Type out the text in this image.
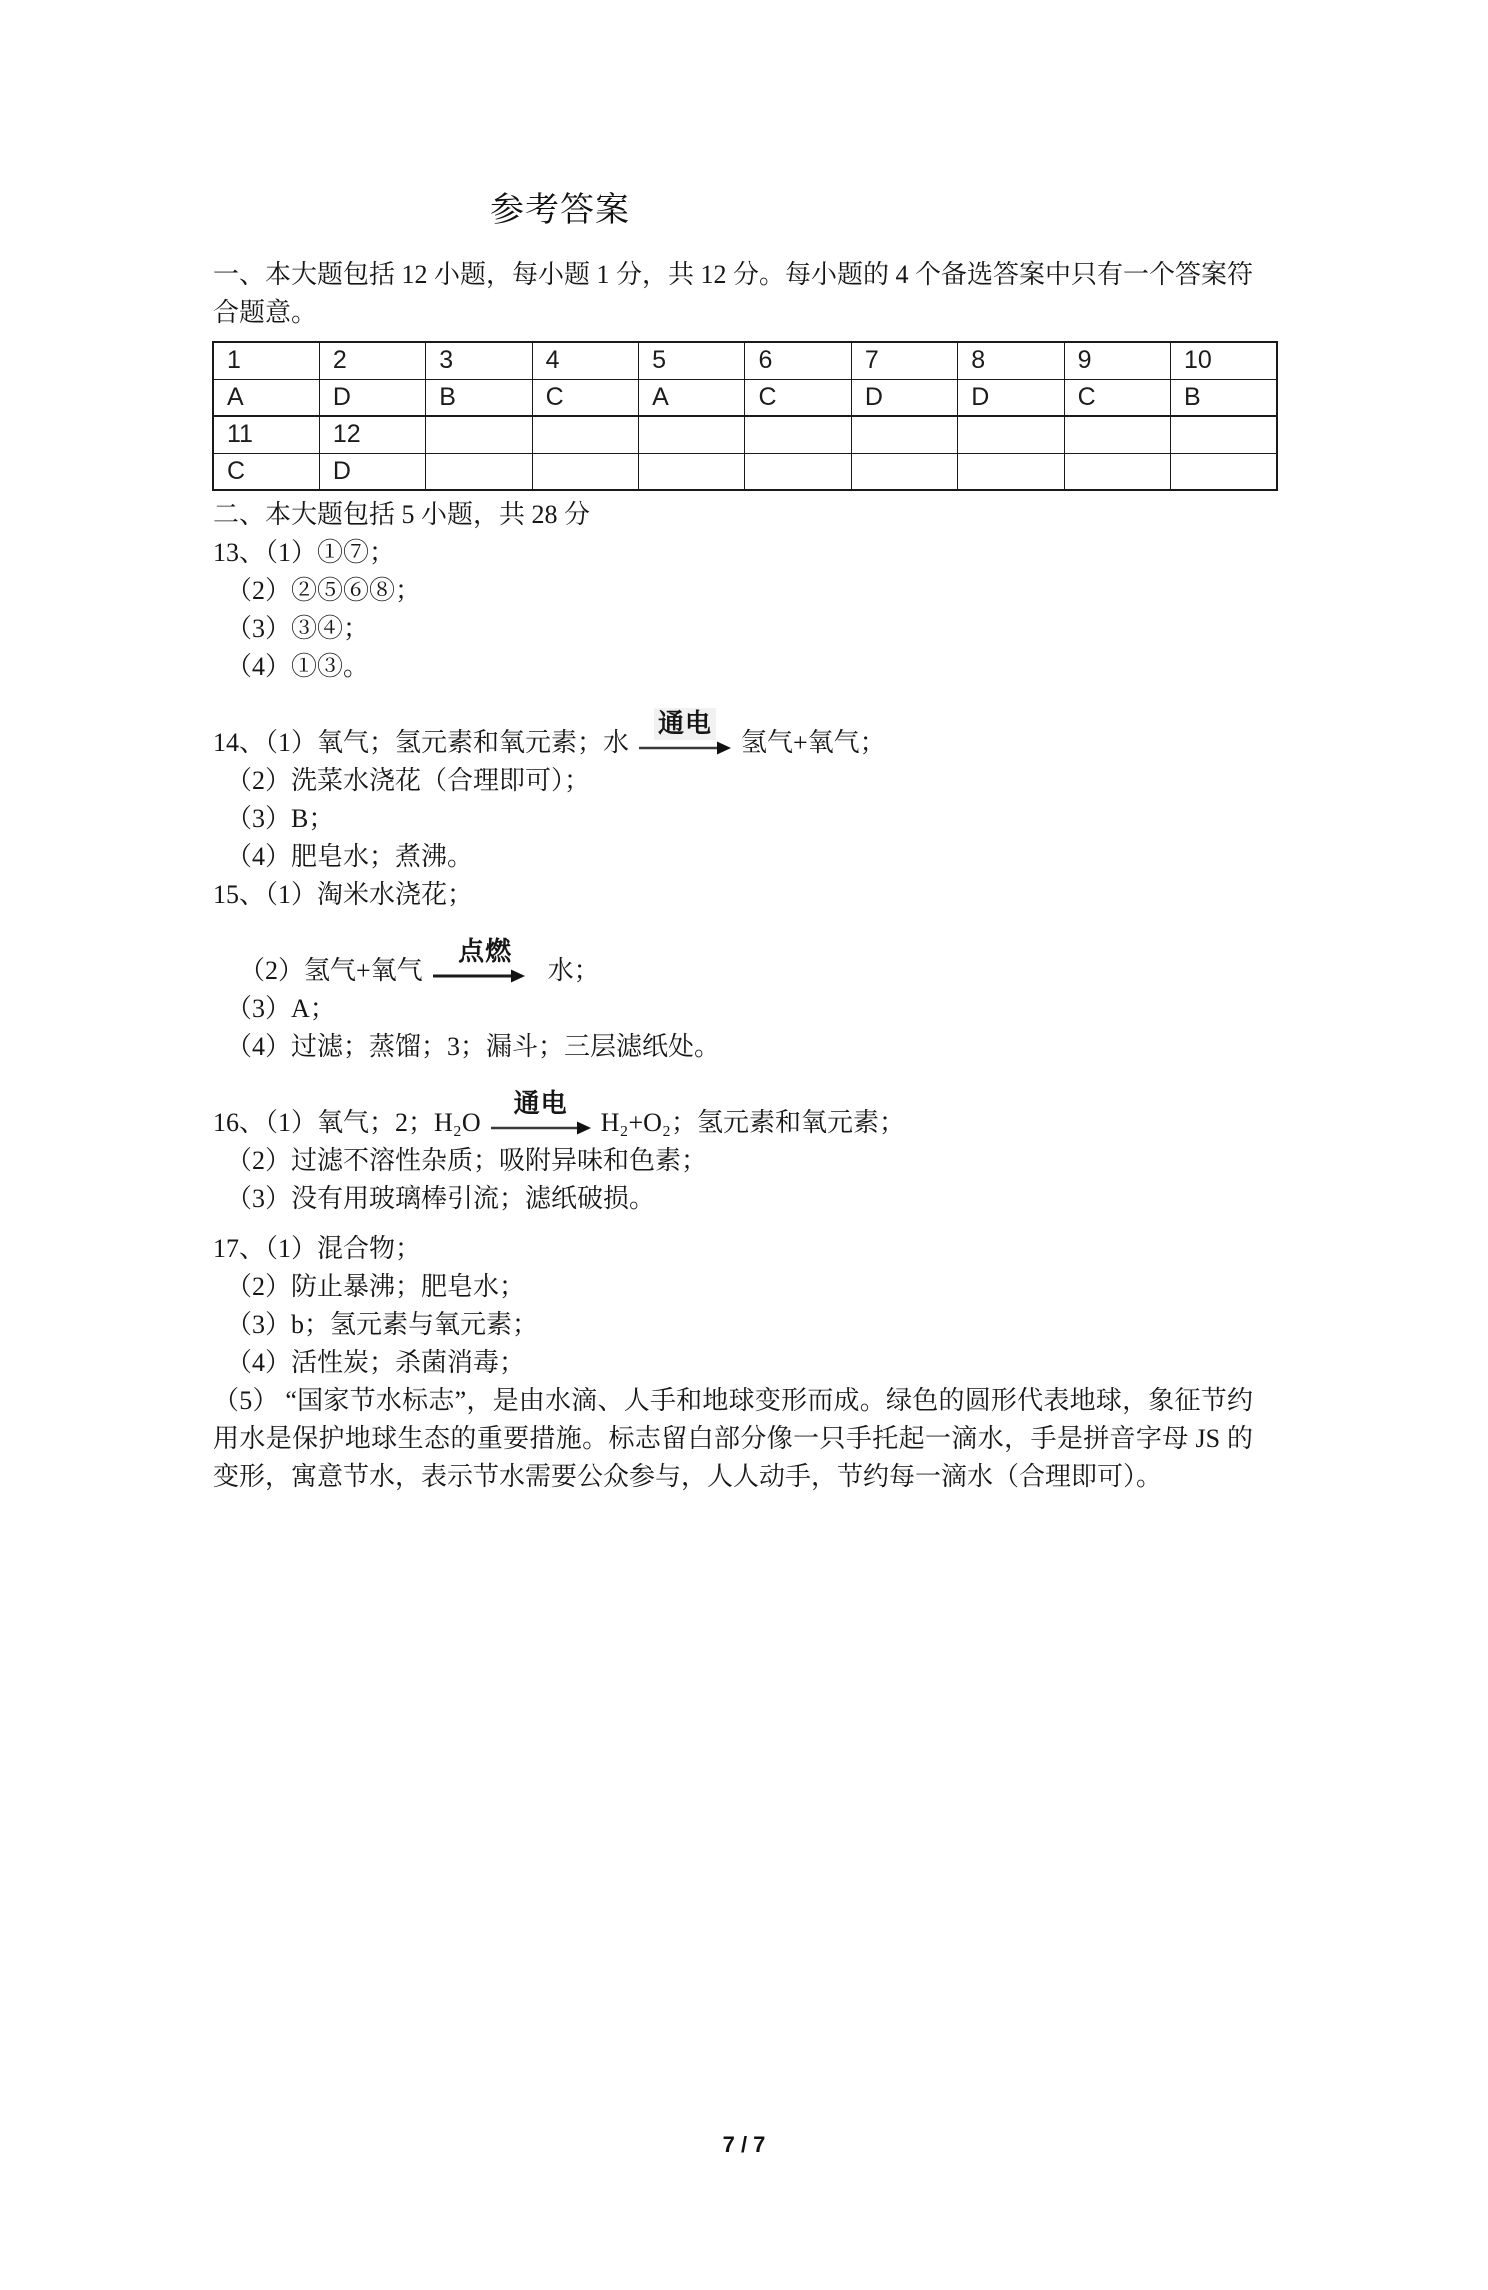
参考答案
一、本大题包括 12 小题，每小题 1 分，共 12 分。每小题的 4 个备选答案中只有一个答案符合题意。
1	2	3	4	5	6	7	8	9	10
A	D	B	C	A	C	D	D	C	B
11	12								
C	D								
二、本大题包括 5 小题，共 28 分
13、（1）①⑦；
（2）②⑤⑥⑧；
（3）③④；
（4）①③。
14、（1）氧气；氢元素和氧元素；水
通电
氢气+氧气；
（2）洗菜水浇花（合理即可）；
（3）B；
（4）肥皂水；煮沸。
15、（1）淘米水浇花；
（2）氢气+氧气
点燃
水；
（3）A；
（4）过滤；蒸馏；3；漏斗；三层滤纸处。
16、（1）氧气；2；H₂O
通电
H₂+O₂；氢元素和氧元素；
（2）过滤不溶性杂质；吸附异味和色素；
（3）没有用玻璃棒引流；滤纸破损。
17、（1）混合物；
（2）防止暴沸；肥皂水；
（3）b；氢元素与氧元素；
（4）活性炭；杀菌消毒；
（5） “国家节水标志”，是由水滴、人手和地球变形而成。绿色的圆形代表地球，象征节约用水是保护地球生态的重要措施。标志留白部分像一只手托起一滴水，手是拼音字母 JS 的变形，寓意节水，表示节水需要公众参与，人人动手，节约每一滴水（合理即可）。
7 / 7
